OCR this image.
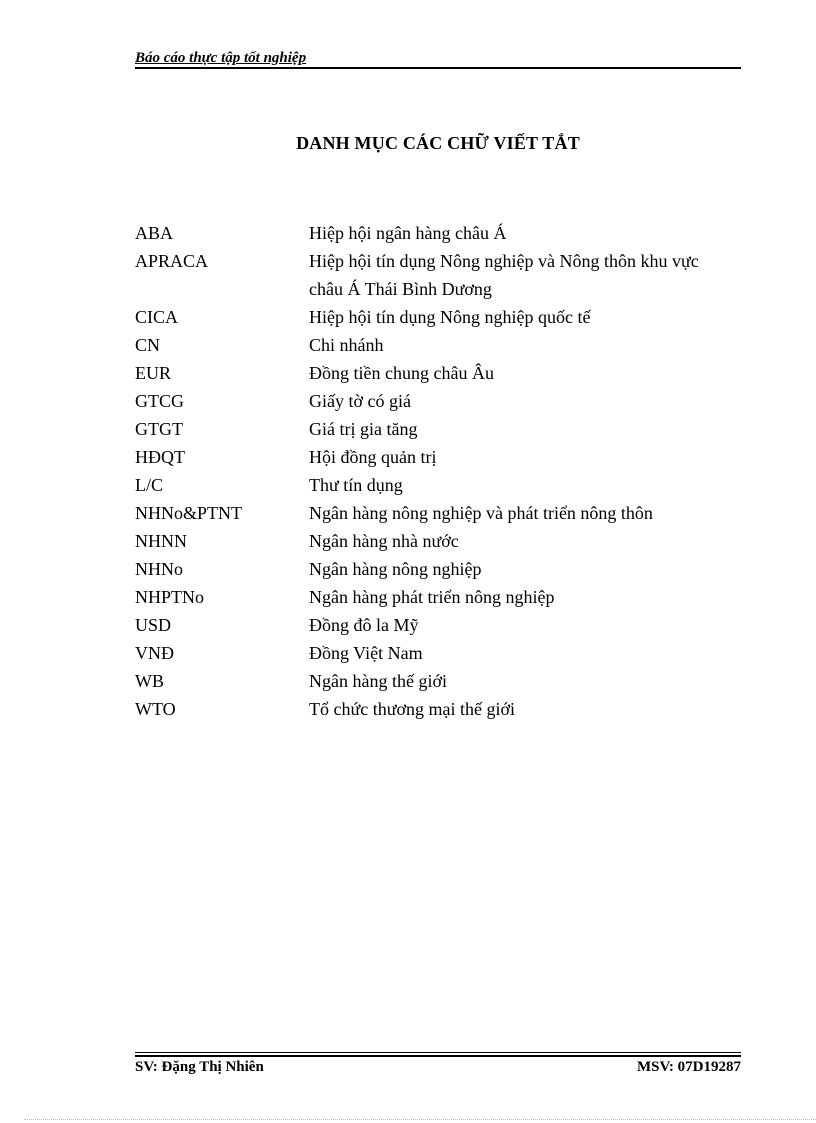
Báo cáo thực tập tốt nghiệp

DANH MỤC CÁC CHỮ VIẾT TẮT
ABA	Hiệp hội ngân hàng châu Á
APRACA	Hiệp hội tín dụng Nông nghiệp và Nông thôn khu vực châu Á Thái Bình Dương
CICA	Hiệp hội tín dụng Nông nghiệp quốc tế
CN	Chi nhánh
EUR	Đồng tiền chung châu Âu
GTCG	Giấy tờ có giá
GTGT	Giá trị gia tăng
HĐQT	Hội đồng quản trị
L/C	Thư tín dụng
NHNo&PTNT	Ngân hàng nông nghiệp và phát triển nông thôn
NHNN	Ngân hàng nhà nước
NHNo	Ngân hàng nông nghiệp
NHPTNo	Ngân hàng phát triển nông nghiệp
USD	Đồng đô la Mỹ
VNĐ	Đồng Việt Nam
WB	Ngân hàng thế giới
WTO	Tổ chức thương mại thế giới

SV: Đặng Thị Nhiên	MSV: 07D19287
